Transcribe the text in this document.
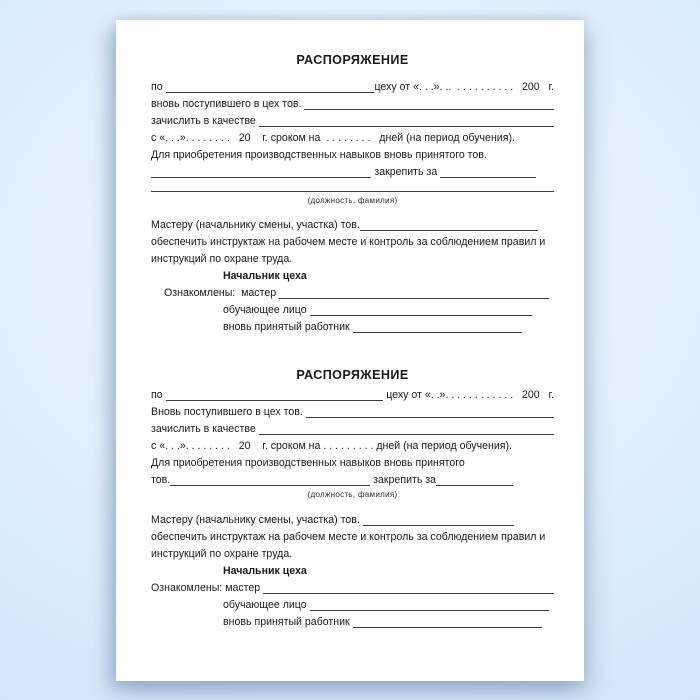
РАСПОРЯЖЕНИЕ
по	цеху от «. . .». ..  . . . . . . . . . .   200   г.
вновь поступившего в цех тов.
зачислить в качестве
с «. . .». . . . . . . .   20    г. сроком на  . . . . . . . .   дней (на период обучения).
Для приобретения производственных навыков вновь принятого тов.
закрепить за
(должность, фамилия)
Мастеру (начальнику смены, участка) тов.
обеспечить инструктаж на рабочем месте и контроль за соблюдением правил и
инструкций по охране труда.
Начальник цеха
Ознакомлены:  мастер
обучающее лицо
вновь принятый работник
РАСПОРЯЖЕНИЕ
по	цеху от «. .». . . . . . . . . . . .   200   г.
Вновь поступившего в цех тов.
зачислить в качестве
с «. . .». . . . . . . .   20    г. сроком на . . . . . . . . . дней (на период обучения).
Для приобретения производственных навыков вновь принятого
тов.	закрепить за
(должность, фамилия)
Мастеру (начальнику смены, участка) тов.
обеспечить инструктаж на рабочем месте и контроль за соблюдением правил и
инструкций по охране труда.
Начальник цеха
Ознакомлены: мастер
обучающее лицо
вновь принятый работник
